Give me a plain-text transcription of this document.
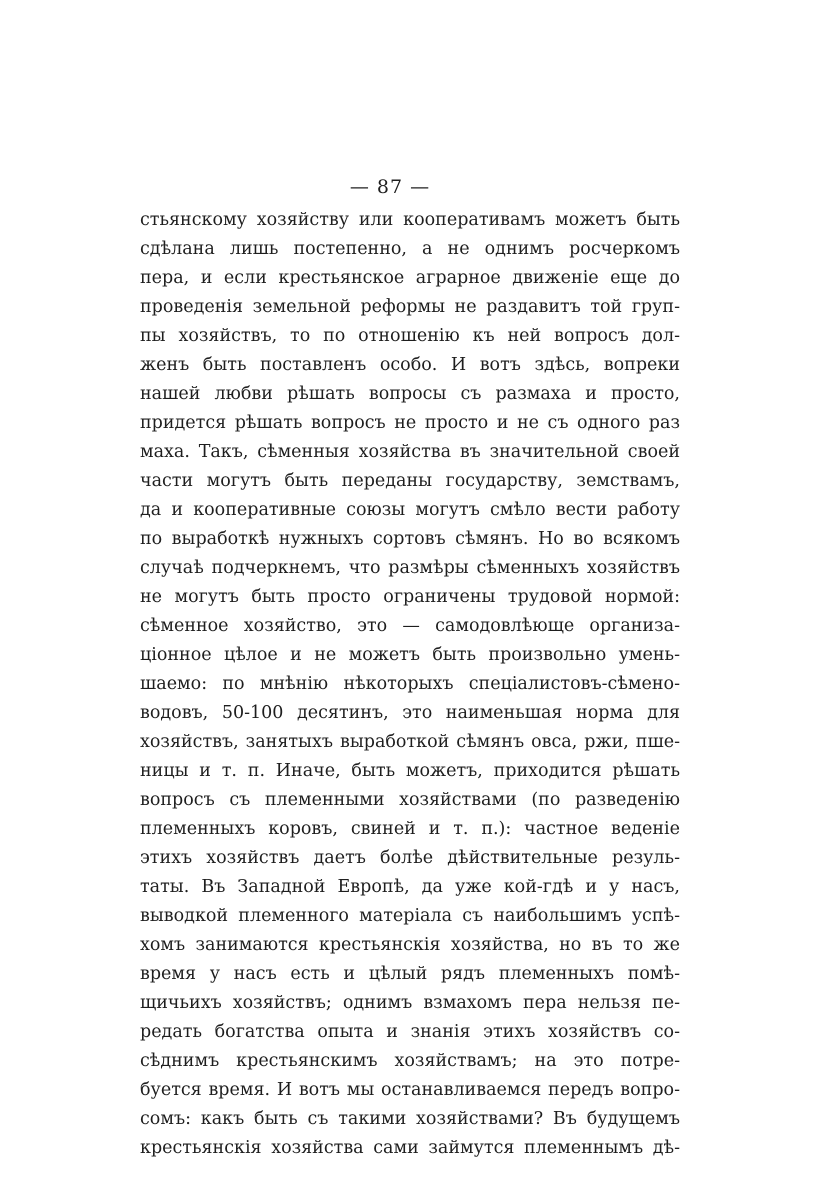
— 87 —
стьянскому хозяйству или кооперативамъ можетъ быть
сдѣлана лишь постепенно, а не однимъ росчеркомъ
пера, и если крестьянское аграрное движеніе еще до
проведенія земельной реформы не раздавитъ той груп-
пы хозяйствъ, то по отношенію къ ней вопросъ дол-
женъ быть поставленъ особо. И вотъ здѣсь, вопреки
нашей любви рѣшать вопросы съ размаха и просто,
придется рѣшать вопросъ не просто и не съ одного раз
маха. Такъ, сѣменныя хозяйства въ значительной своей
части могутъ быть переданы государству, земствамъ,
да и кооперативные союзы могутъ смѣло вести работу
по выработкѣ нужныхъ сортовъ сѣмянъ. Но во всякомъ
случаѣ подчеркнемъ, что размѣры сѣменныхъ хозяйствъ
не могутъ быть просто ограничены трудовой нормой:
сѣменное хозяйство, это — самодовлѣюще организа-
ціонное цѣлое и не можетъ быть произвольно умень-
шаемо: по мнѣнію нѣкоторыхъ спеціалистовъ-сѣмено-
водовъ, 50-100 десятинъ, это наименьшая норма для
хозяйствъ, занятыхъ выработкой сѣмянъ овса, ржи, пше-
ницы и т. п. Иначе, быть можетъ, приходится рѣшать
вопросъ съ племенными хозяйствами (по разведенію
племенныхъ коровъ, свиней и т. п.): частное веденіе
этихъ хозяйствъ даетъ болѣе дѣйствительные резуль-
таты. Въ Западной Европѣ, да уже кой-гдѣ и у насъ,
выводкой племенного матеріала съ наибольшимъ успѣ-
хомъ занимаются крестьянскія хозяйства, но въ то же
время у насъ есть и цѣлый рядъ племенныхъ помѣ-
щичьихъ хозяйствъ; однимъ взмахомъ пера нельзя пе-
редать богатства опыта и знанія этихъ хозяйствъ со-
сѣднимъ крестьянскимъ хозяйствамъ; на это потре-
буется время. И вотъ мы останавливаемся передъ вопро-
сомъ: какъ быть съ такими хозяйствами? Въ будущемъ
крестьянскія хозяйства сами займутся племеннымъ дѣ-
